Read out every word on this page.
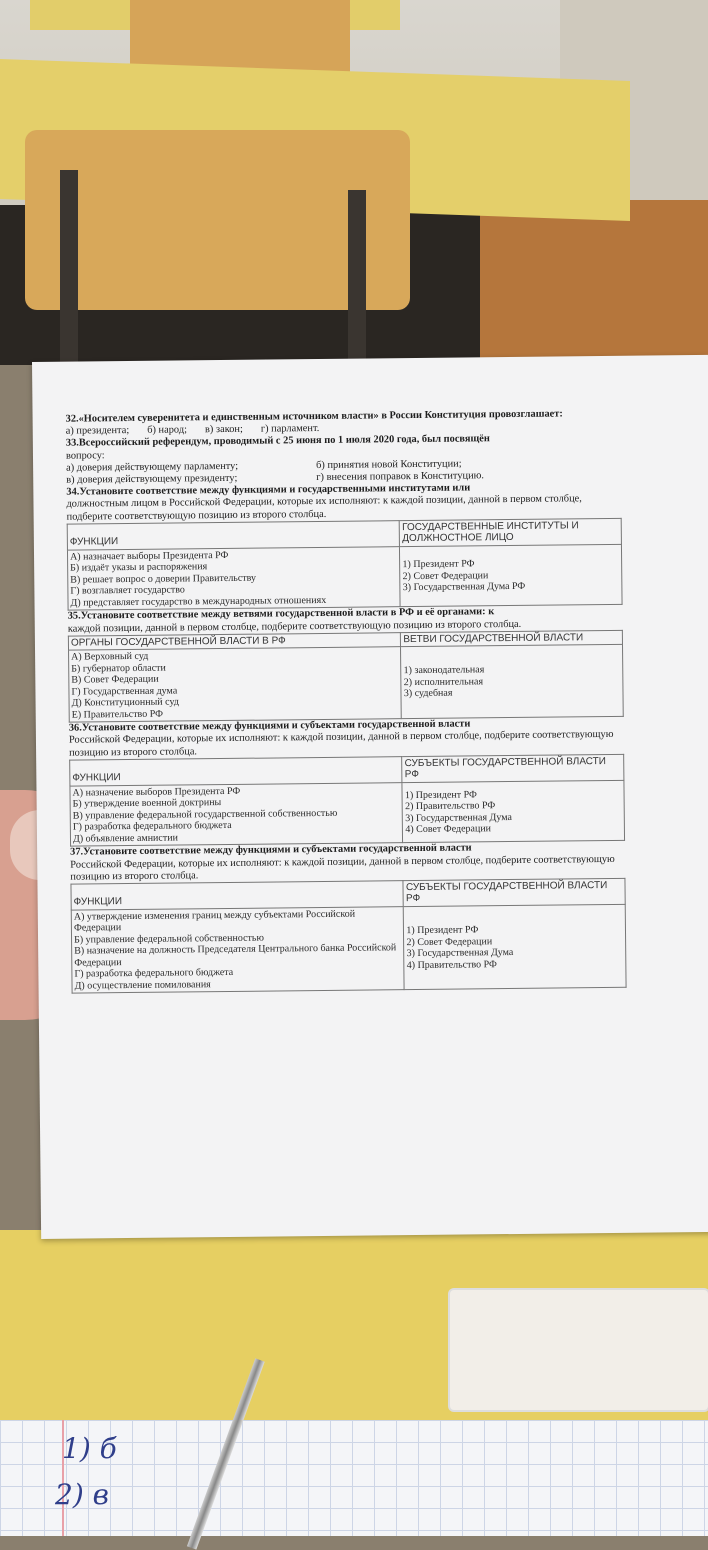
1) б
2) в
32.«Носителем суверенитета и единственным источником власти» в России Конституция провозглашает:
а) президента; б) народ; в) закон; г) парламент.
33.Всероссийский референдум, проводимый с 25 июня по 1 июля 2020 года, был посвящён
вопросу:
а) доверия действующему парламенту;	б) принятия новой Конституции;
в) доверия действующему президенту;	г) внесения поправок в Конституцию.
34.Установите соответствие между функциями и государственными институтами или
должностным лицом в Российской Федерации, которые их исполняют: к каждой позиции, данной в первом столбце, подберите соответствующую позицию из второго столбца.
ФУНКЦИИ	ГОСУДАРСТВЕННЫЕ ИНСТИТУТЫ И ДОЛЖНОСТНОЕ ЛИЦО

А) назначает выборы Президента РФ
Б) издаёт указы и распоряжения
В) решает вопрос о доверии Правительству
Г) возглавляет государство
Д) представляет государство в международных отношениях	1) Президент РФ
2) Совет Федерации
3) Государственная Дума РФ
35.Установите соответствие между ветвями государственной власти в РФ и её органами: к
каждой позиции, данной в первом столбце, подберите соответствующую позицию из второго столбца.
ОРГАНЫ ГОСУДАРСТВЕННОЙ ВЛАСТИ В РФ	ВЕТВИ ГОСУДАРСТВЕННОЙ ВЛАСТИ

А) Верховный суд
Б) губернатор области
В) Совет Федерации
Г) Государственная дума
Д) Конституционный суд
Е) Правительство РФ

1) законодательная
2) исполнительная
3) судебная
36.Установите соответствие между функциями и субъектами государственной власти
Российской Федерации, которые их исполняют: к каждой позиции, данной в первом столбце, подберите соответствующую позицию из второго столбца.
ФУНКЦИИ	СУБЪЕКТЫ ГОСУДАРСТВЕННОЙ ВЛАСТИ РФ

А) назначение выборов Президента РФ
Б) утверждение военной доктрины
В) управление федеральной государственной собственностью
Г) разработка федерального бюджета
Д) объявление амнистии	1) Президент РФ
2) Правительство РФ
3) Государственная Дума
4) Совет Федерации
37.Установите соответствие между функциями и субъектами государственной власти
Российской Федерации, которые их исполняют: к каждой позиции, данной в первом столбце, подберите соответствующую позицию из второго столбца.
ФУНКЦИИ	СУБЪЕКТЫ ГОСУДАРСТВЕННОЙ ВЛАСТИ РФ

А) утверждение изменения границ между субъектами Российской Федерации
Б) управление федеральной собственностью
В) назначение на должность Председателя Центрального банка Российской Федерации
Г) разработка федерального бюджета
Д) осуществление помилования

1) Президент РФ
2) Совет Федерации
3) Государственная Дума
4) Правительство РФ
